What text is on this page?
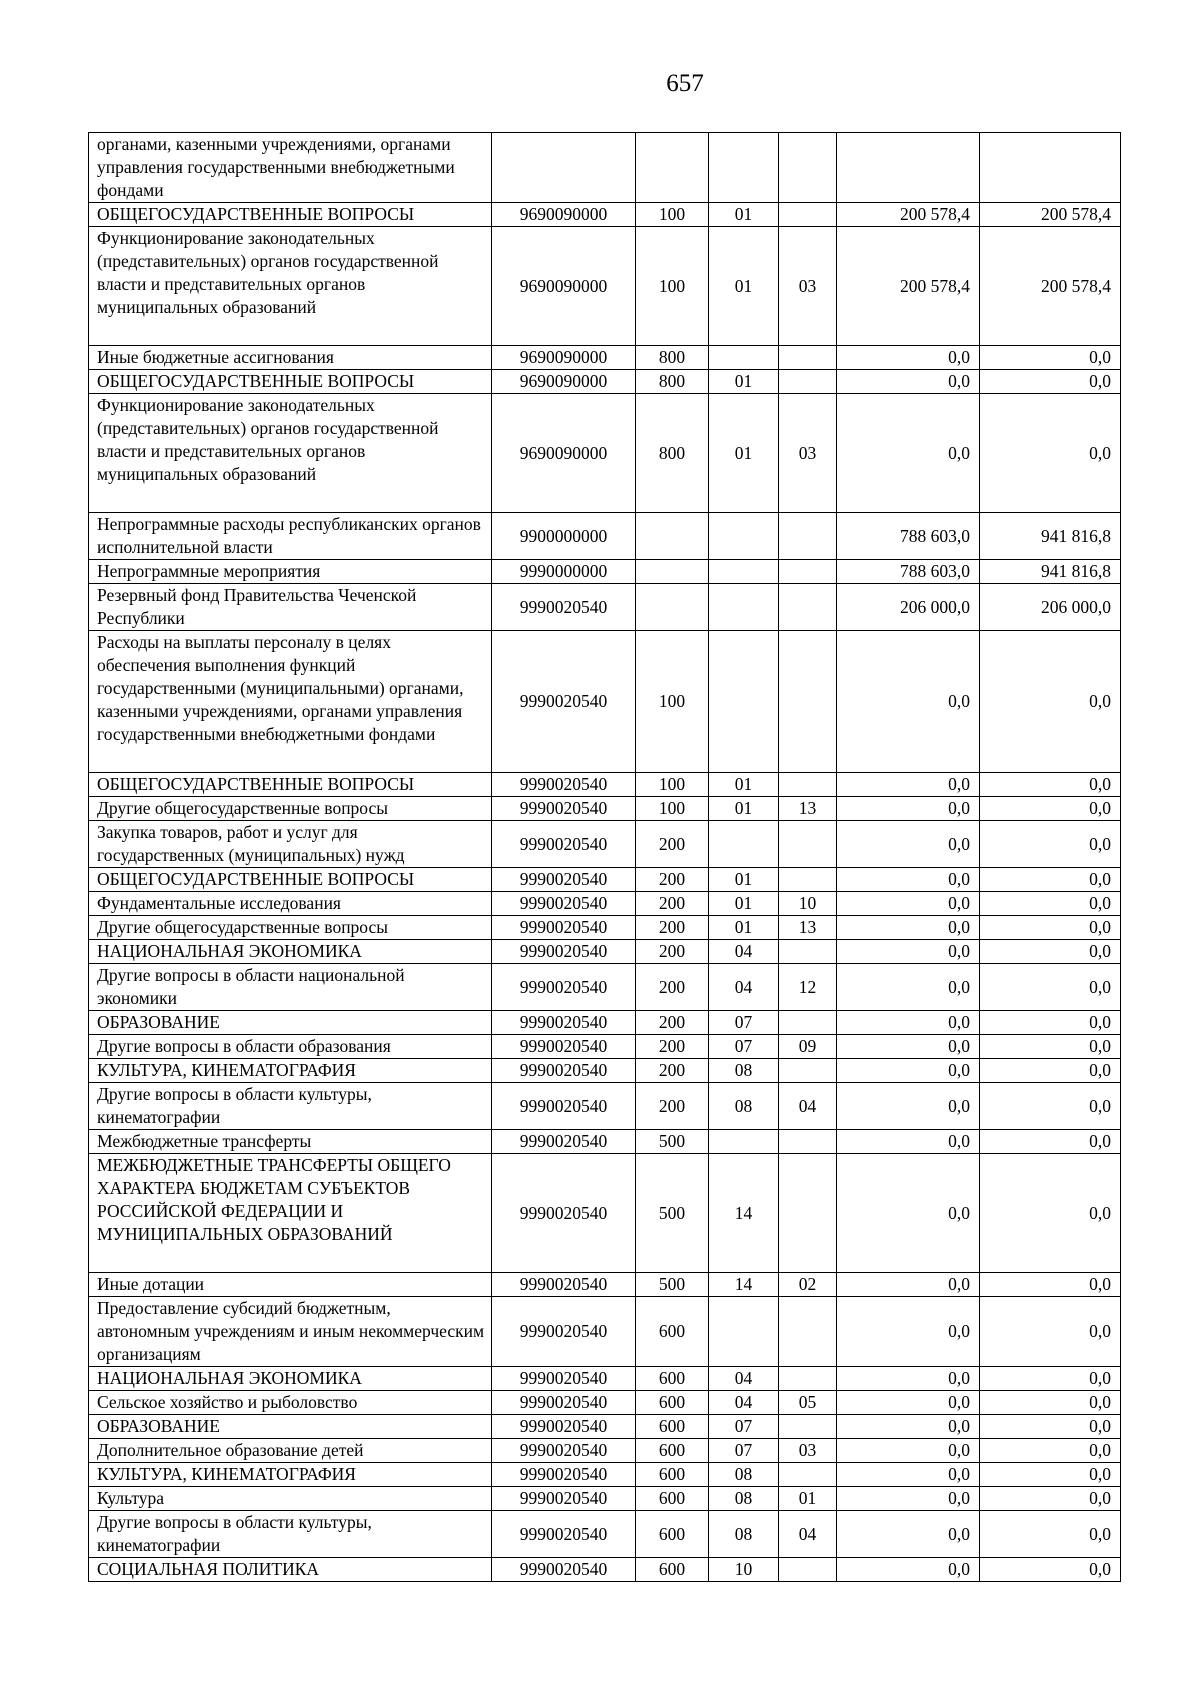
657
органами, казенными учреждениями, органами управления государственными внебюджетными фондами						
ОБЩЕГОСУДАРСТВЕННЫЕ ВОПРОСЫ	9690090000	100	01		200 578,4	200 578,4
Функционирование законодательных (представительных) органов государственной власти и представительных органов муниципальных образований	9690090000	100	01	03	200 578,4	200 578,4
Иные бюджетные ассигнования	9690090000	800			0,0	0,0
ОБЩЕГОСУДАРСТВЕННЫЕ ВОПРОСЫ	9690090000	800	01		0,0	0,0
Функционирование законодательных (представительных) органов государственной власти и представительных органов муниципальных образований	9690090000	800	01	03	0,0	0,0
Непрограммные расходы республиканских органов исполнительной власти	9900000000				788 603,0	941 816,8
Непрограммные мероприятия	9990000000				788 603,0	941 816,8
Резервный фонд Правительства Чеченской Республики	9990020540				206 000,0	206 000,0
Расходы на выплаты персоналу в целях обеспечения выполнения функций государственными (муниципальными) органами, казенными учреждениями, органами управления государственными внебюджетными фондами	9990020540	100			0,0	0,0
ОБЩЕГОСУДАРСТВЕННЫЕ ВОПРОСЫ	9990020540	100	01		0,0	0,0
Другие общегосударственные вопросы	9990020540	100	01	13	0,0	0,0
Закупка товаров, работ и услуг для государственных (муниципальных) нужд	9990020540	200			0,0	0,0
ОБЩЕГОСУДАРСТВЕННЫЕ ВОПРОСЫ	9990020540	200	01		0,0	0,0
Фундаментальные исследования	9990020540	200	01	10	0,0	0,0
Другие общегосударственные вопросы	9990020540	200	01	13	0,0	0,0
НАЦИОНАЛЬНАЯ ЭКОНОМИКА	9990020540	200	04		0,0	0,0
Другие вопросы в области национальной экономики	9990020540	200	04	12	0,0	0,0
ОБРАЗОВАНИЕ	9990020540	200	07		0,0	0,0
Другие вопросы в области образования	9990020540	200	07	09	0,0	0,0
КУЛЬТУРА, КИНЕМАТОГРАФИЯ	9990020540	200	08		0,0	0,0
Другие вопросы в области культуры, кинематографии	9990020540	200	08	04	0,0	0,0
Межбюджетные трансферты	9990020540	500			0,0	0,0
МЕЖБЮДЖЕТНЫЕ ТРАНСФЕРТЫ ОБЩЕГО ХАРАКТЕРА БЮДЖЕТАМ СУБЪЕКТОВ РОССИЙСКОЙ ФЕДЕРАЦИИ И МУНИЦИПАЛЬНЫХ ОБРАЗОВАНИЙ	9990020540	500	14		0,0	0,0
Иные дотации	9990020540	500	14	02	0,0	0,0
Предоставление субсидий бюджетным, автономным учреждениям и иным некоммерческим организациям	9990020540	600			0,0	0,0
НАЦИОНАЛЬНАЯ ЭКОНОМИКА	9990020540	600	04		0,0	0,0
Сельское хозяйство и рыболовство	9990020540	600	04	05	0,0	0,0
ОБРАЗОВАНИЕ	9990020540	600	07		0,0	0,0
Дополнительное образование детей	9990020540	600	07	03	0,0	0,0
КУЛЬТУРА, КИНЕМАТОГРАФИЯ	9990020540	600	08		0,0	0,0
Культура	9990020540	600	08	01	0,0	0,0
Другие вопросы в области культуры, кинематографии	9990020540	600	08	04	0,0	0,0
СОЦИАЛЬНАЯ ПОЛИТИКА	9990020540	600	10		0,0	0,0
